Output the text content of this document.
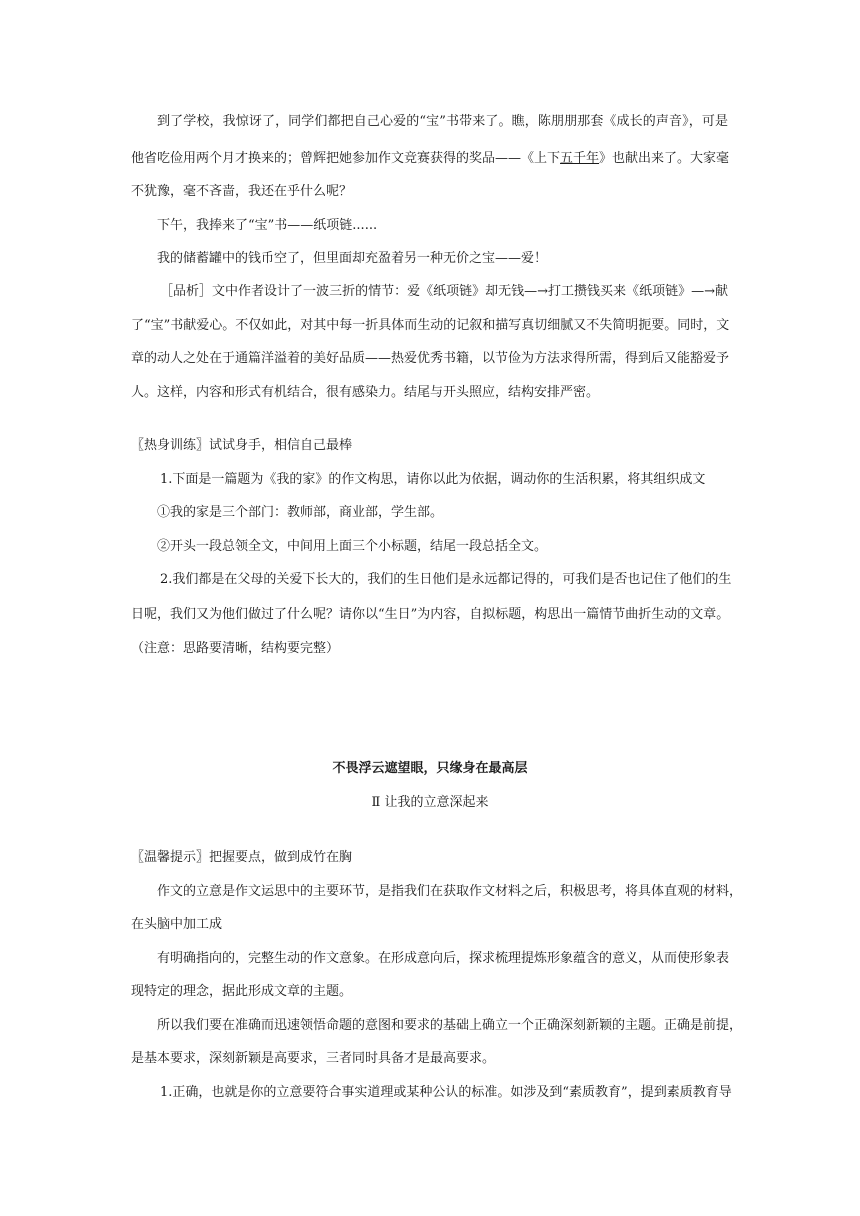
到了学校，我惊讶了，同学们都把自己心爱的“宝”书带来了。瞧，陈朋朋那套《成长的声音》，可是
他省吃俭用两个月才换来的；曾辉把她参加作文竞赛获得的奖品——《上下五千年》也献出来了。大家毫
不犹豫，毫不吝啬，我还在乎什么呢？
下午，我捧来了“宝”书——纸项链......
我的储蓄罐中的钱币空了，但里面却充盈着另一种无价之宝——爱！
［品析］文中作者设计了一波三折的情节：爱《纸项链》却无钱—→打工攒钱买来《纸项链》—→献
了“宝”书献爱心。不仅如此，对其中每一折具体而生动的记叙和描写真切细腻又不失简明扼要。同时，文
章的动人之处在于通篇洋溢着的美好品质——热爱优秀书籍，以节俭为方法求得所需，得到后又能豁爱予
人。这样，内容和形式有机结合，很有感染力。结尾与开头照应，结构安排严密。
〖热身训练〗试试身手，相信自己最棒
1.下面是一篇题为《我的家》的作文构思，请你以此为依据，调动你的生活积累，将其组织成文
①我的家是三个部门：教师部，商业部，学生部。
②开头一段总领全文，中间用上面三个小标题，结尾一段总括全文。
2.我们都是在父母的关爱下长大的，我们的生日他们是永远都记得的，可我们是否也记住了他们的生
日呢，我们又为他们做过了什么呢？请你以“生日”为内容，自拟标题，构思出一篇情节曲折生动的文章。
（注意：思路要清晰，结构要完整）
不畏浮云遮望眼，只缘身在最高层
Ⅱ 让我的立意深起来
〖温馨提示〗把握要点，做到成竹在胸
作文的立意是作文运思中的主要环节，是指我们在获取作文材料之后，积极思考，将具体直观的材料，
在头脑中加工成
有明确指向的，完整生动的作文意象。在形成意向后，探求梳理提炼形象蕴含的意义，从而使形象表
现特定的理念，据此形成文章的主题。
所以我们要在准确而迅速领悟命题的意图和要求的基础上确立一个正确深刻新颖的主题。正确是前提，
是基本要求，深刻新颖是高要求，三者同时具备才是最高要求。
1.正确，也就是你的立意要符合事实道理或某种公认的标准。如涉及到“素质教育”，提到素质教育导
